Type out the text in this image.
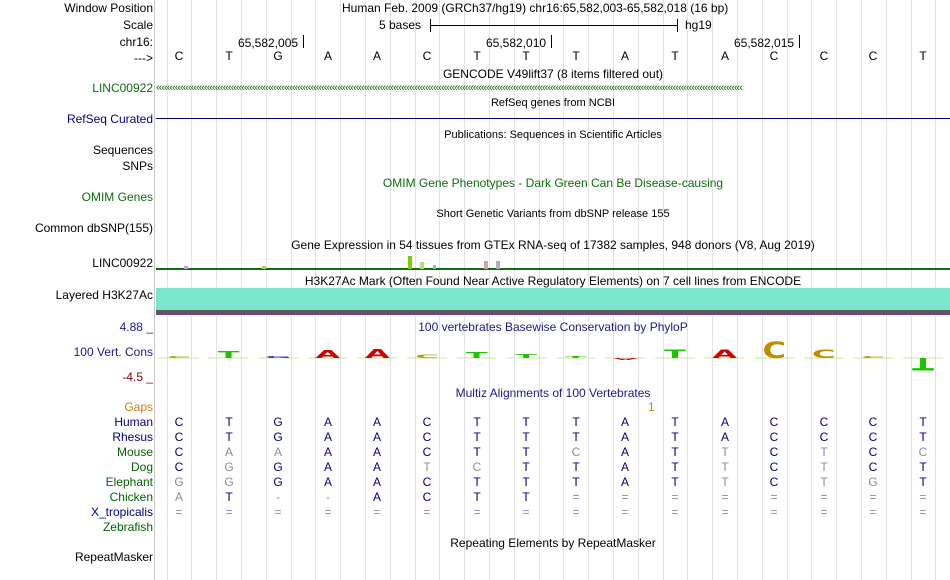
Window Position
Scale
chr16:
--->
Human Feb. 2009 (GRCh37/hg19) chr16:65,582,003-65,582,018 (16 bp)
5 bases	hg19
65,582,005	65,582,010	65,582,015
C	T	G	A	A	C	T	T	T	A	T	A	C	C	C	T
GENCODE V49lift37 (8 items filtered out)
LINC00922 ‹‹‹‹‹‹‹‹‹‹‹‹‹‹‹‹‹‹‹‹‹‹‹‹‹‹‹‹‹‹‹‹‹‹‹‹‹‹‹‹‹‹‹‹‹‹‹‹‹‹‹‹‹‹‹‹‹‹‹‹‹‹‹‹‹‹‹‹‹‹‹‹‹‹‹‹‹‹‹‹‹‹‹‹‹‹‹‹‹‹‹‹‹‹‹‹‹‹‹‹‹‹‹‹‹‹‹‹‹‹‹‹‹‹‹‹‹‹‹‹‹‹‹‹‹‹‹‹‹‹‹‹‹‹‹‹‹‹‹‹‹‹‹‹‹‹‹‹‹‹‹‹‹‹‹‹‹‹‹‹‹‹‹‹‹‹‹‹‹‹‹‹‹‹‹‹‹‹‹‹‹‹‹‹‹‹‹‹‹‹‹‹‹‹‹‹‹‹‹‹‹‹‹‹‹‹‹‹‹‹‹‹‹‹‹‹‹‹‹‹
RefSeq genes from NCBI
RefSeq Curated
Publications: Sequences in Scientific Articles
Sequences
SNPs
OMIM Gene Phenotypes - Dark Green Can Be Disease-causing
OMIM Genes
Short Genetic Variants from dbSNP release 155
Common dbSNP(155)
Gene Expression in 54 tissues from GTEx RNA-seq of 17382 samples, 948 donors (V8, Aug 2019)
LINC00922
H3K27Ac Mark (Often Found Near Active Regulatory Elements) on 7 cell lines from ENCODE
Layered H3K27Ac
100 vertebrates Basewise Conservation by PhyloP
4.88 _
100 Vert. Cons
-4.5 _
C T G A A C T T T
A T A C C C T
Multiz Alignments of 100 Vertebrates
Gaps	1
Human	C	T	G	A	A	C	T	T	T	A	T	A	C	C	C	T
Rhesus	C	T	G	A	A	C	T	T	T	A	T	A	C	C	C	T
Mouse	C	A	A	A	A	C	T	T	C	A	T	T	C	T	C	C
Dog	C	G	G	A	A	T	C	T	T	A	T	T	C	T	C	T
Elephant	G	G	G	A	A	C	T	T	T	A	T	T	C	T	G	T
Chicken	A	T	-	-	A	C	T	T	=	=	=	=	=	=	=	=
X_tropicalis	=	=	=	=	=	=	=	=	=	=	=	=	=	=	=	=
Zebrafish
Repeating Elements by RepeatMasker
RepeatMasker
